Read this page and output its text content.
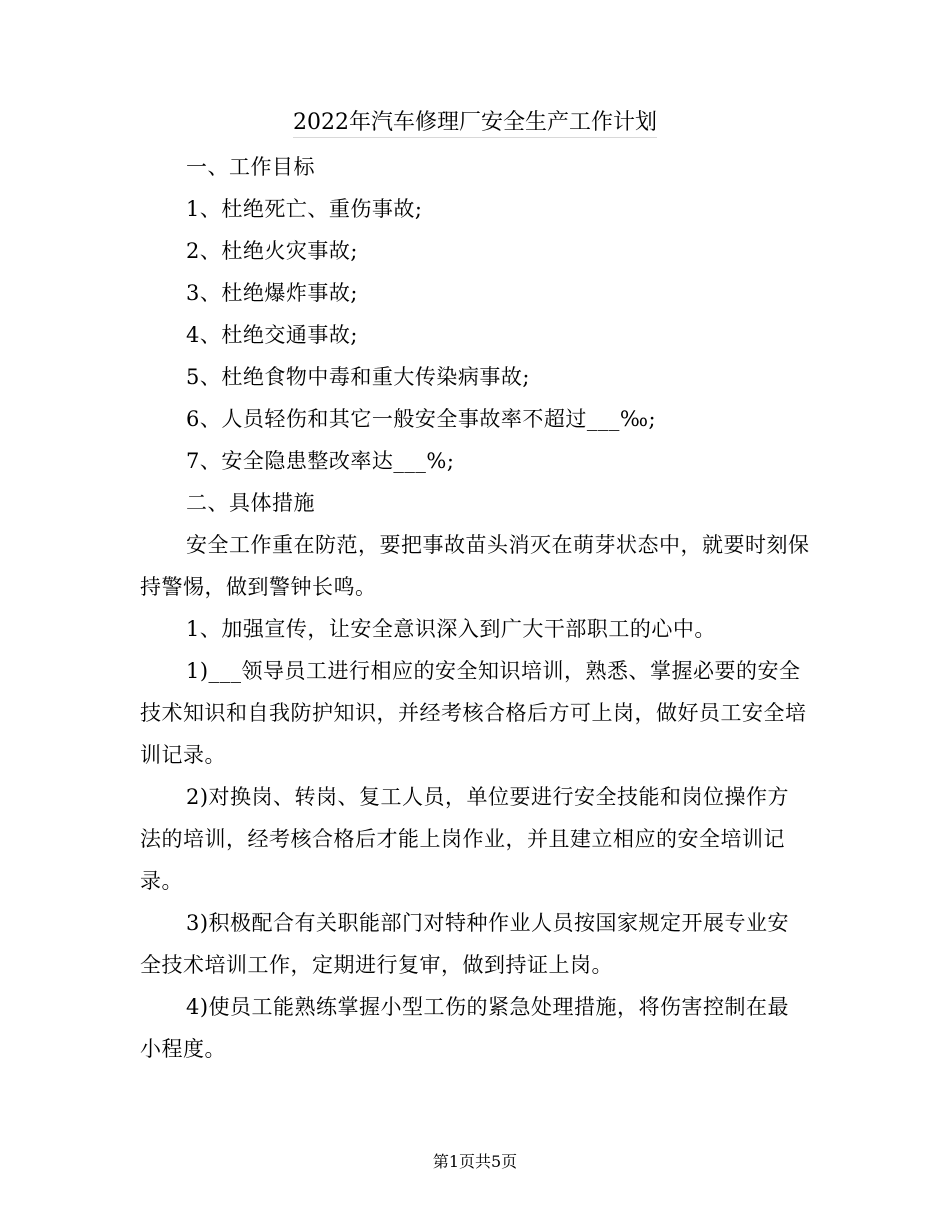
2022年汽车修理厂安全生产工作计划

一、工作目标

1、杜绝死亡、重伤事故;

2、杜绝火灾事故;

3、杜绝爆炸事故;

4、杜绝交通事故;

5、杜绝食物中毒和重大传染病事故;

6、人员轻伤和其它一般安全事故率不超过___‰;

7、安全隐患整改率达___%;

二、具体措施

安全工作重在防范，要把事故苗头消灭在萌芽状态中，就要时刻保持警惕，做到警钟长鸣。

1、加强宣传，让安全意识深入到广大干部职工的心中。

1)___领导员工进行相应的安全知识培训，熟悉、掌握必要的安全技术知识和自我防护知识，并经考核合格后方可上岗，做好员工安全培训记录。

2)对换岗、转岗、复工人员，单位要进行安全技能和岗位操作方法的培训，经考核合格后才能上岗作业，并且建立相应的安全培训记录。

3)积极配合有关职能部门对特种作业人员按国家规定开展专业安全技术培训工作，定期进行复审，做到持证上岗。

4)使员工能熟练掌握小型工伤的紧急处理措施，将伤害控制在最小程度。

第1页共5页
